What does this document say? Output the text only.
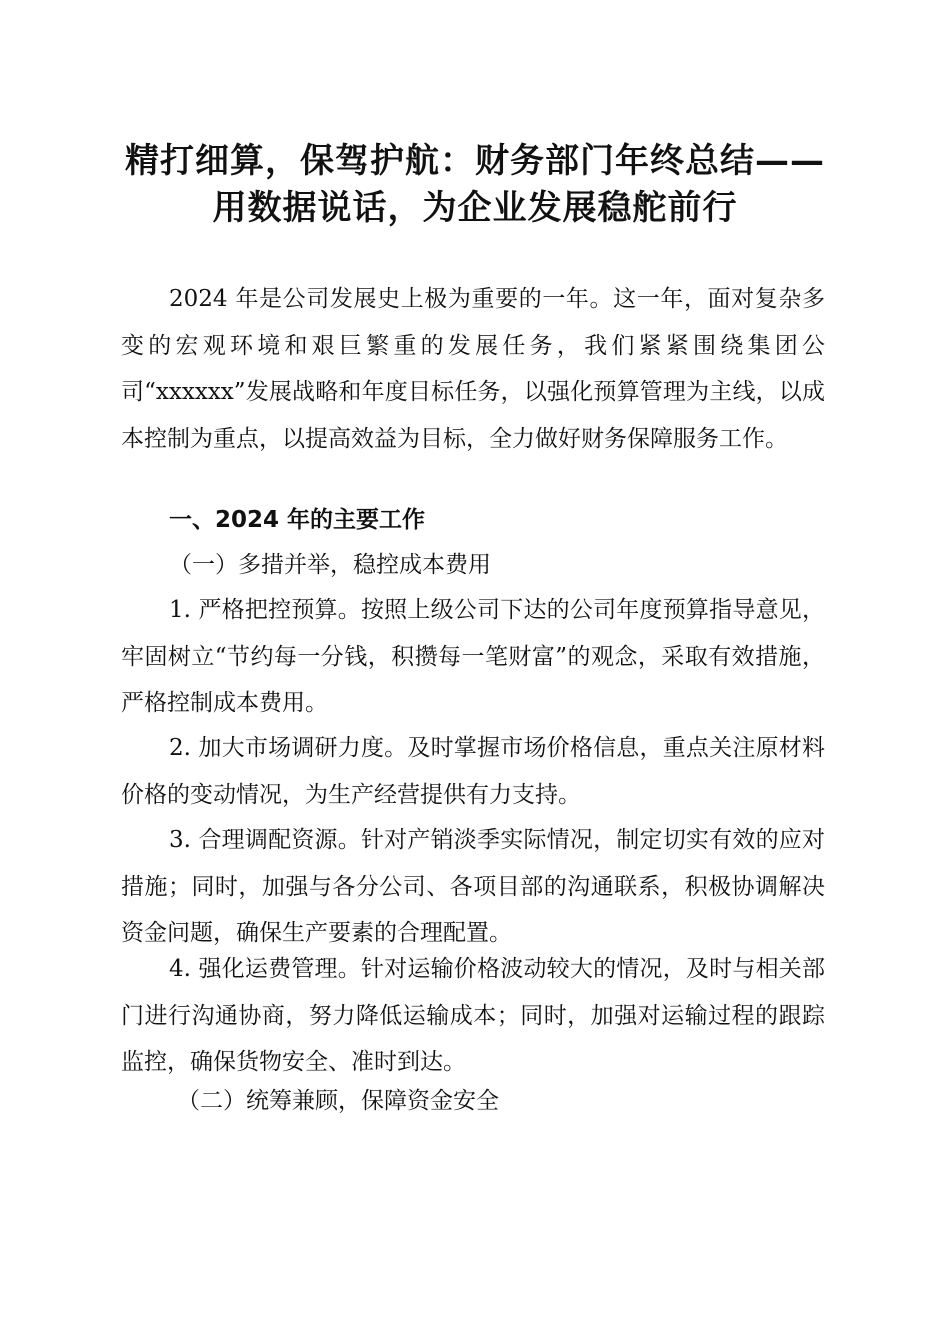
精打细算，保驾护航：财务部门年终总结——
用数据说话，为企业发展稳舵前行

2024 年是公司发展史上极为重要的一年。这一年，面对复杂多变的宏观环境和艰巨繁重的发展任务，我们紧紧围绕集团公司“xxxxxx”发展战略和年度目标任务，以强化预算管理为主线，以成本控制为重点，以提高效益为目标，全力做好财务保障服务工作。

一、2024 年的主要工作

（一）多措并举，稳控成本费用

1. 严格把控预算。按照上级公司下达的公司年度预算指导意见，牢固树立“节约每一分钱，积攒每一笔财富”的观念，采取有效措施，严格控制成本费用。

2. 加大市场调研力度。及时掌握市场价格信息，重点关注原材料价格的变动情况，为生产经营提供有力支持。

3. 合理调配资源。针对产销淡季实际情况，制定切实有效的应对措施；同时，加强与各分公司、各项目部的沟通联系，积极协调解决资金问题，确保生产要素的合理配置。

4. 强化运费管理。针对运输价格波动较大的情况，及时与相关部门进行沟通协商，努力降低运输成本；同时，加强对运输过程的跟踪监控，确保货物安全、准时到达。

（二）统筹兼顾，保障资金安全
